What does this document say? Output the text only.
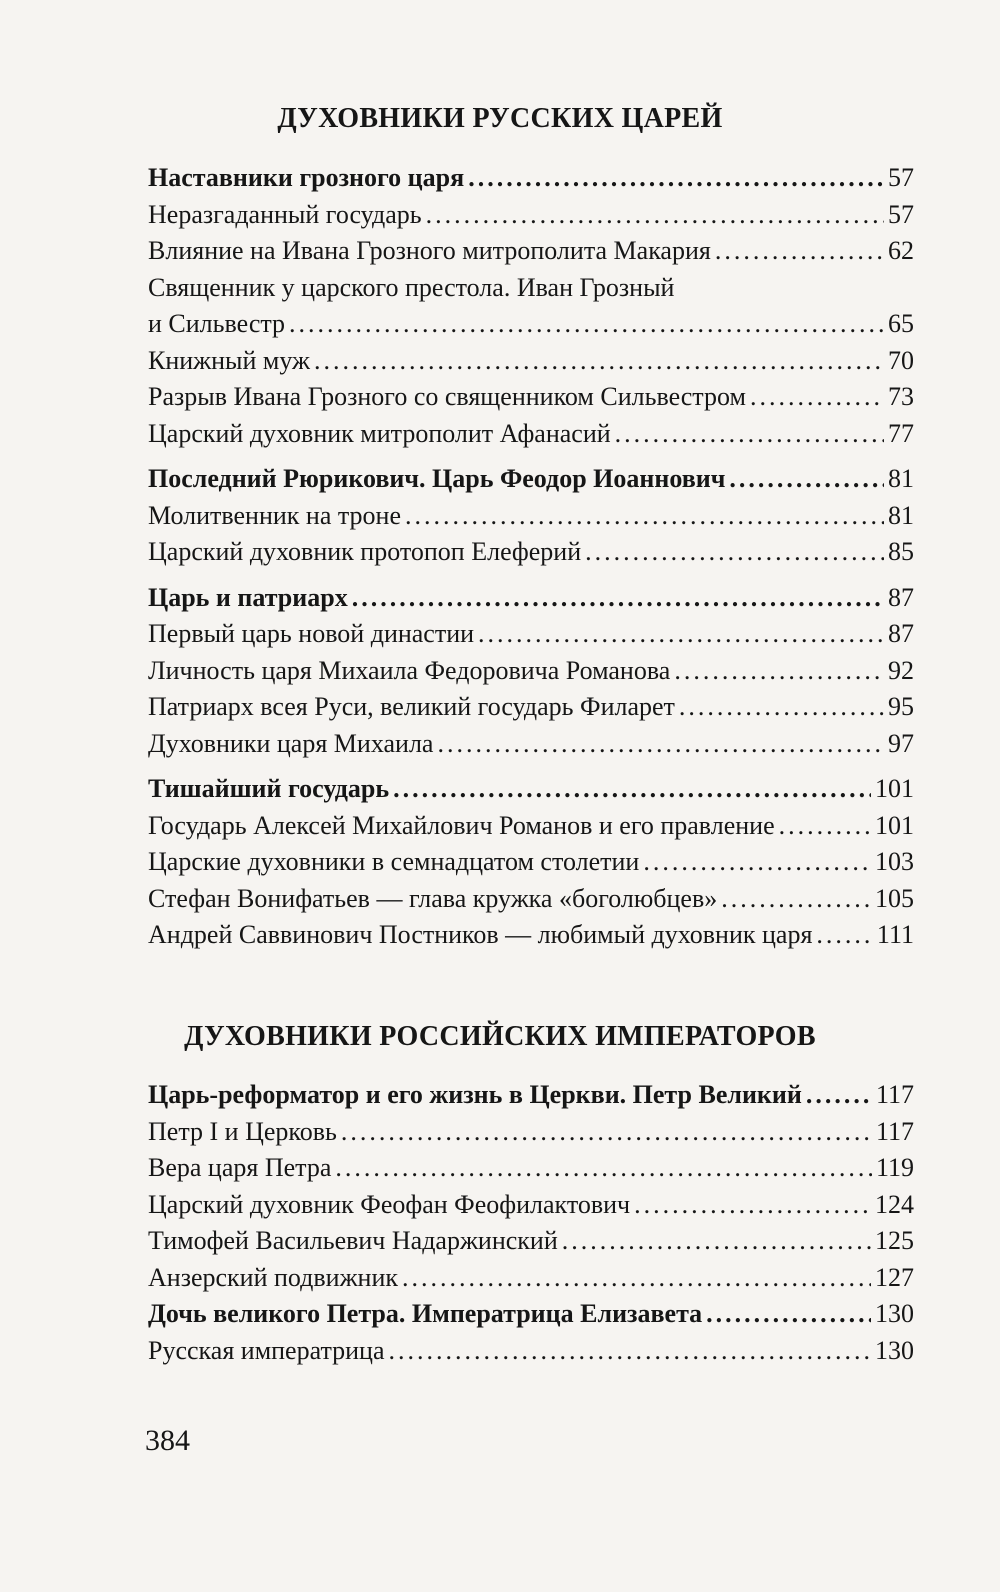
ДУХОВНИКИ РУССКИХ ЦАРЕЙ
Наставники грозного царя .....	57
Неразгаданный государь .....	57
Влияние на Ивана Грозного митрополита Макария .....	62
Священник у царского престола. Иван Грозный
и Сильвестр .....	65
Книжный муж .....	70
Разрыв Ивана Грозного со священником Сильвестром .....	73
Царский духовник митрополит Афанасий .....	77
Последний Рюрикович. Царь Феодор Иоаннович .....	81
Молитвенник на троне .....	81
Царский духовник протопоп Елеферий .....	85
Царь и патриарх .....	87
Первый царь новой династии .....	87
Личность царя Михаила Федоровича Романова .....	92
Патриарх всея Руси, великий государь Филарет .....	95
Духовники царя Михаила .....	97
Тишайший государь .....	101
Государь Алексей Михайлович Романов и его правление .....	101
Царские духовники в семнадцатом столетии .....	103
Стефан Вонифатьев — глава кружка «боголюбцев» .....	105
Андрей Саввинович Постников — любимый духовник царя ..... 111
ДУХОВНИКИ РОССИЙСКИХ ИМПЕРАТОРОВ
Царь-реформатор и его жизнь в Церкви. Петр Великий .....	117
Петр I и Церковь .....	117
Вера царя Петра .....	119
Царский духовник Феофан Феофилактович .....	124
Тимофей Васильевич Надаржинский .....	125
Анзерский подвижник .....	127
Дочь великого Петра. Императрица Елизавета .....	130
Русская императрица .....	130
384
